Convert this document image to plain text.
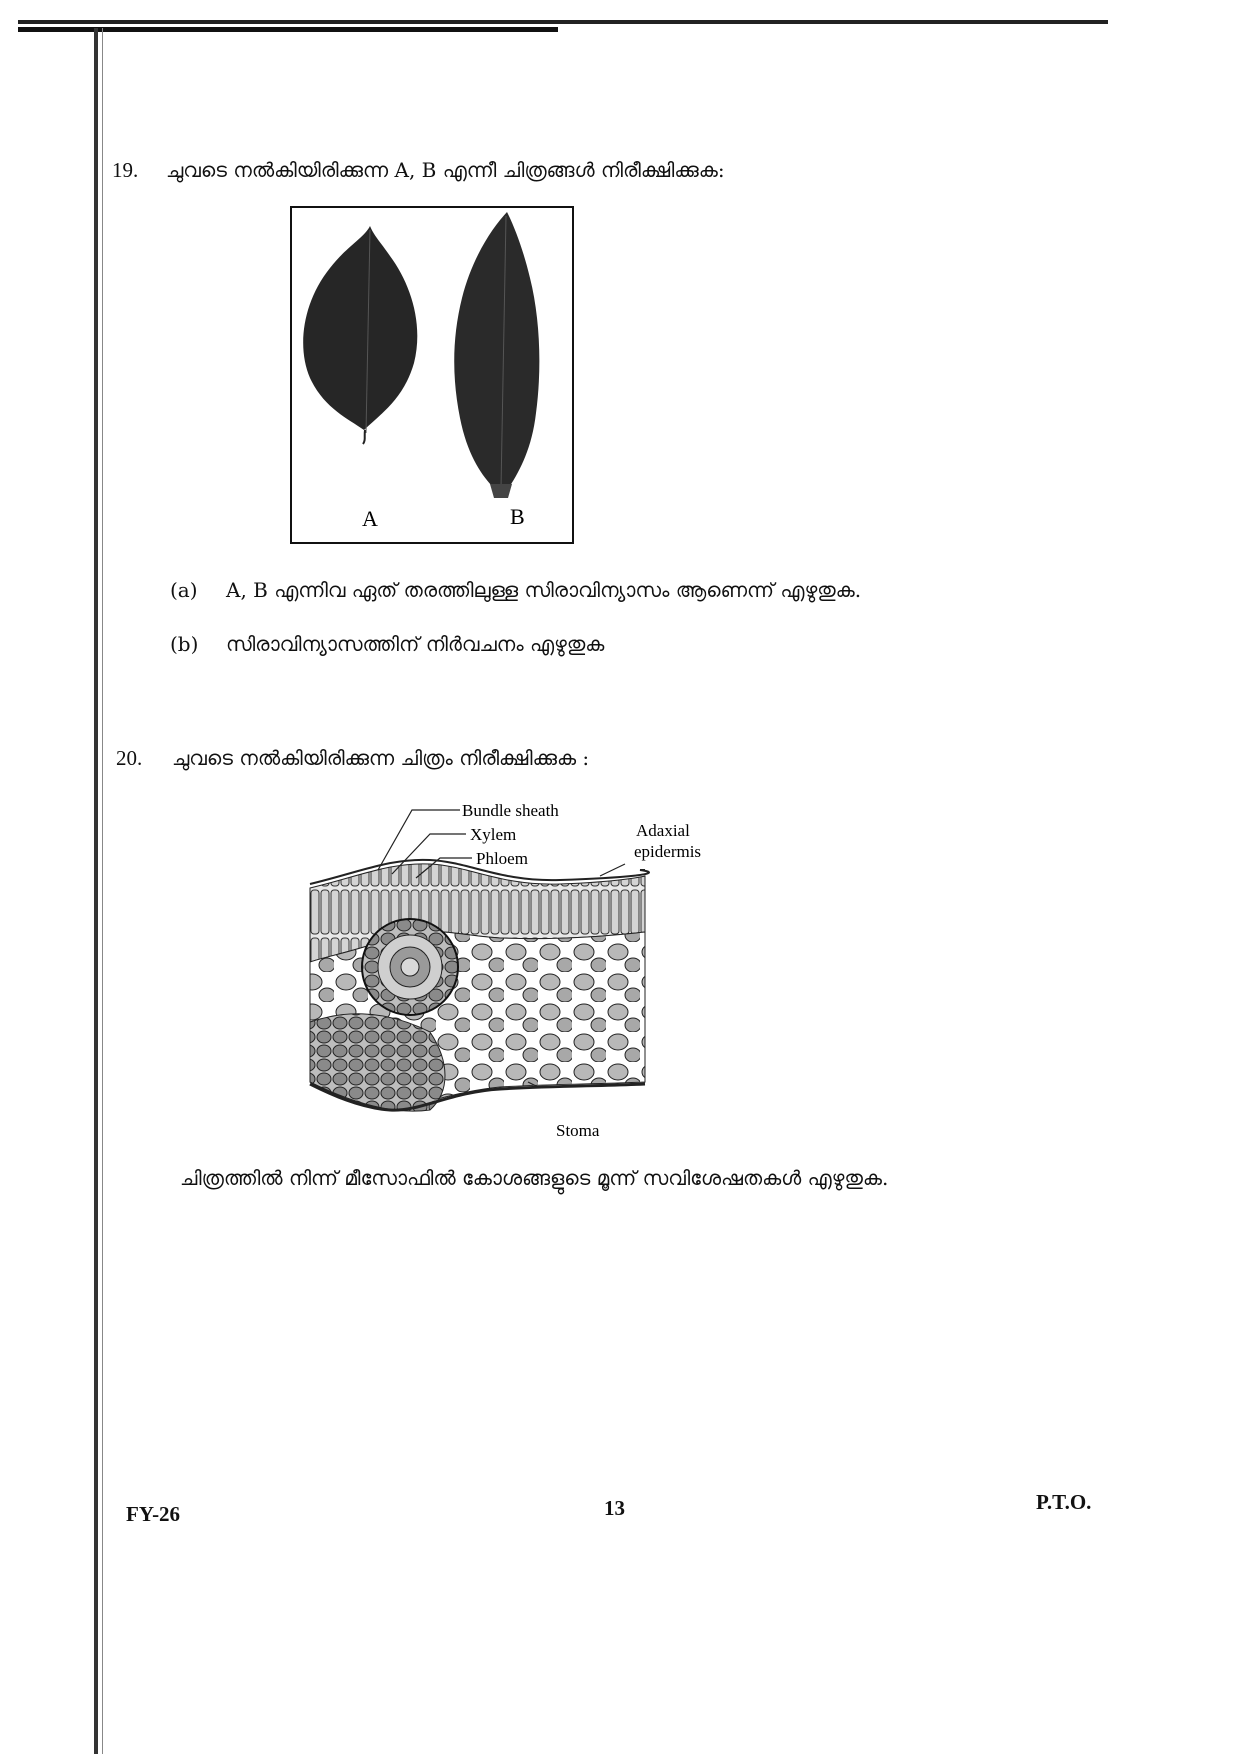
19. ചുവടെ നൽകിയിരിക്കുന്ന A, B എന്നീ ചിത്രങ്ങൾ നിരീക്ഷിക്കുക:
A	B
(a) A, B എന്നിവ ഏത് തരത്തിലുള്ള സിരാവിന്യാസം ആണെന്ന് എഴുതുക.
(b) സിരാവിന്യാസത്തിന് നിർവചനം എഴുതുക
20. ചുവടെ നൽകിയിരിക്കുന്ന ചിത്രം നിരീക്ഷിക്കുക :
Bundle sheath
Xylem
Phloem
Adaxial
epidermis
Stoma
ചിത്രത്തിൽ നിന്ന് മീസോഫിൽ കോശങ്ങളുടെ മൂന്ന് സവിശേഷതകൾ എഴുതുക.
FY-26	13	P.T.O.
